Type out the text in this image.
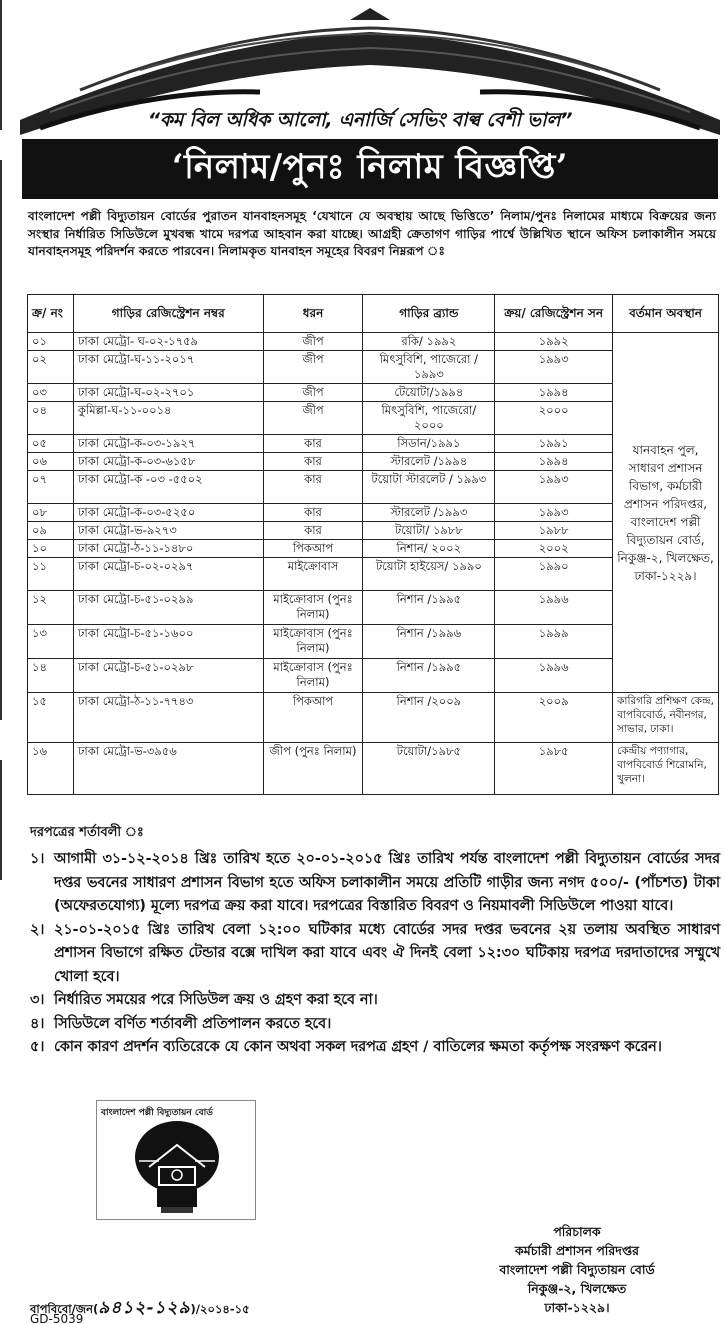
“কম বিল অধিক আলো, এনার্জি সেভিং বাল্ব বেশী ভাল”
‘নিলাম/পুনঃ নিলাম বিজ্ঞপ্তি’

বাংলাদেশ পল্লী বিদ্যুতায়ন বোর্ডের পুরাতন যানবাহনসমূহ ‘যেখানে যে অবস্থায় আছে ভিত্তিতে’ নিলাম/পুনঃ নিলামের মাধ্যমে বিক্রয়ের জন্য সংস্থার নির্ধারিত সিডিউলে মুখবন্ধ খামে দরপত্র আহবান করা যাচ্ছে। আগ্রহী ক্রেতাগণ গাড়ির পার্শ্বে উল্লিখিত স্থানে অফিস চলাকালীন সময়ে যানবাহনসমূহ পরিদর্শন করতে পারবেন। নিলামকৃত যানবাহন সমূহের বিবরণ নিম্নরূপ ঃ

ক্র/ নং	গাড়ির রেজিস্ট্রেশন নম্বর	ধরন	গাড়ির ব্র্যান্ড	ক্রয়/ রেজিস্ট্রেশন সন	বর্তমান অবস্থান
০১	ঢাকা মেট্রো- ঘ-০২-১৭৫৯	জীপ	রকি/ ১৯৯২	১৯৯২	যানবাহন পুল, সাধারণ প্রশাসন বিভাগ, কর্মচারী প্রশাসন পরিদপ্তর, বাংলাদেশ পল্লী বিদ্যুতায়ন বোর্ড, নিকুঞ্জ-২, খিলক্ষেত, ঢাকা-১২২৯।
০২	ঢাকা মেট্রো-ঘ-১১-২০১৭	জীপ	মিৎসুবিশি, পাজেরো / ১৯৯৩	১৯৯৩	
০৩	ঢাকা মেট্রো-ঘ-০২-২৭০১	জীপ	টেয়োটা/১৯৯৪	১৯৯৪	
০৪	কুমিল্লা-ঘ-১১-০০১৪	জীপ	মিৎসুবিশি, পাজেরো/ ২০০০	২০০০	
০৫	ঢাকা মেট্রো-ক-০৩-১৯২৭	কার	সিডান/১৯৯১	১৯৯১	
০৬	ঢাকা মেট্রো-ক-০৩-৬১৫৮	কার	স্টারলেট /১৯৯৪	১৯৯৪	
০৭	ঢাকা মেট্রো-ক -০৩ -৫৫০২	কার	টয়োটা স্টারলেট / ১৯৯৩	১৯৯৩	
০৮	ঢাকা মেট্রো-ক-০৩-৫২৫০	কার	স্টারলেট /১৯৯৩	১৯৯৩	
০৯	ঢাকা মেট্রো-ভ-৯২৭৩	কার	টয়োটা/ ১৯৮৮	১৯৮৮	
১০	ঢাকা মেট্রো-ঠ-১১-১৪৮০	পিকআপ	নিশান/ ২০০২	২০০২	
১১	ঢাকা মেট্রো-চ-০২-০২৯৭	মাইক্রোবাস	টয়োটা হাইয়েস/ ১৯৯০	১৯৯০	
১২	ঢাকা মেট্রো-চ-৫১-০২৯৯	মাইক্রোবাস (পুনঃ নিলাম)	নিশান /১৯৯৫	১৯৯৬	
১৩	ঢাকা মেট্রো-চ-৫১-১৬০০	মাইক্রোবাস (পুনঃ নিলাম)	নিশান /১৯৯৬	১৯৯৯	
১৪	ঢাকা মেট্রো-চ-৫১-০২৯৮	মাইক্রোবাস (পুনঃ নিলাম)	নিশান /১৯৯৫	১৯৯৬	
১৫	ঢাকা মেট্রো-ঠ-১১-৭৭৪৩	পিকআপ	নিশান /২০০৯	২০০৯	কারিগরি প্রশিক্ষণ কেন্দ্র, বাপবিবোর্ড, নবীনগর, সাভার, ঢাকা।
১৬	ঢাকা মেট্রো-ভ-৩৯৫৬	জীপ (পুনঃ নিলাম)	টয়োটা/১৯৮৫	১৯৮৫	কেন্দ্রীয় পণ্যাগার, বাপবিবোর্ড শিরোমনি, খুলনা।
দরপত্রের শর্তাবলী ঃ
১। আগামী ৩১-১২-২০১৪ খ্রিঃ তারিখ হতে ২০-০১-২০১৫ খ্রিঃ তারিখ পর্যন্ত বাংলাদেশ পল্লী বিদ্যুতায়ন বোর্ডের সদর দপ্তর ভবনের সাধারণ প্রশাসন বিভাগ হতে অফিস চলাকালীন সময়ে প্রতিটি গাড়ীর জন্য নগদ ৫০০/- (পাঁচশত) টাকা (অফেরতযোগ্য) মূল্যে দরপত্র ক্রয় করা যাবে। দরপত্রের বিস্তারিত বিবরণ ও নিয়মাবলী সিডিউলে পাওয়া যাবে।
২। ২১-০১-২০১৫ খ্রিঃ তারিখ বেলা ১২:০০ ঘটিকার মধ্যে বোর্ডের সদর দপ্তর ভবনের ২য় তলায় অবস্থিত সাধারণ প্রশাসন বিভাগে রক্ষিত টেন্ডার বক্সে দাখিল করা যাবে এবং ঐ দিনই বেলা ১২:৩০ ঘটিকায় দরপত্র দরদাতাদের সম্মুখে খোলা হবে।
৩। নির্ধারিত সময়ের পরে সিডিউল ক্রয় ও গ্রহণ করা হবে না।
৪। সিডিউলে বর্ণিত শর্তাবলী প্রতিপালন করতে হবে।
৫। কোন কারণ প্রদর্শন ব্যতিরেকে যে কোন অথবা সকল দরপত্র গ্রহণ / বাতিলের ক্ষমতা কর্তৃপক্ষ সংরক্ষণ করেন।
বাংলাদেশ পল্লী বিদ্যুতায়ন বোর্ড
পরিচালক
কর্মচারী প্রশাসন পরিদপ্তর
বাংলাদেশ পল্লী বিদ্যুতায়ন বোর্ড
নিকুঞ্জ-২, খিলক্ষেত
ঢাকা-১২২৯।
বাপবিবো/জন(৯৪১২-১২৯)/২০১৪-১৫
GD-5039
